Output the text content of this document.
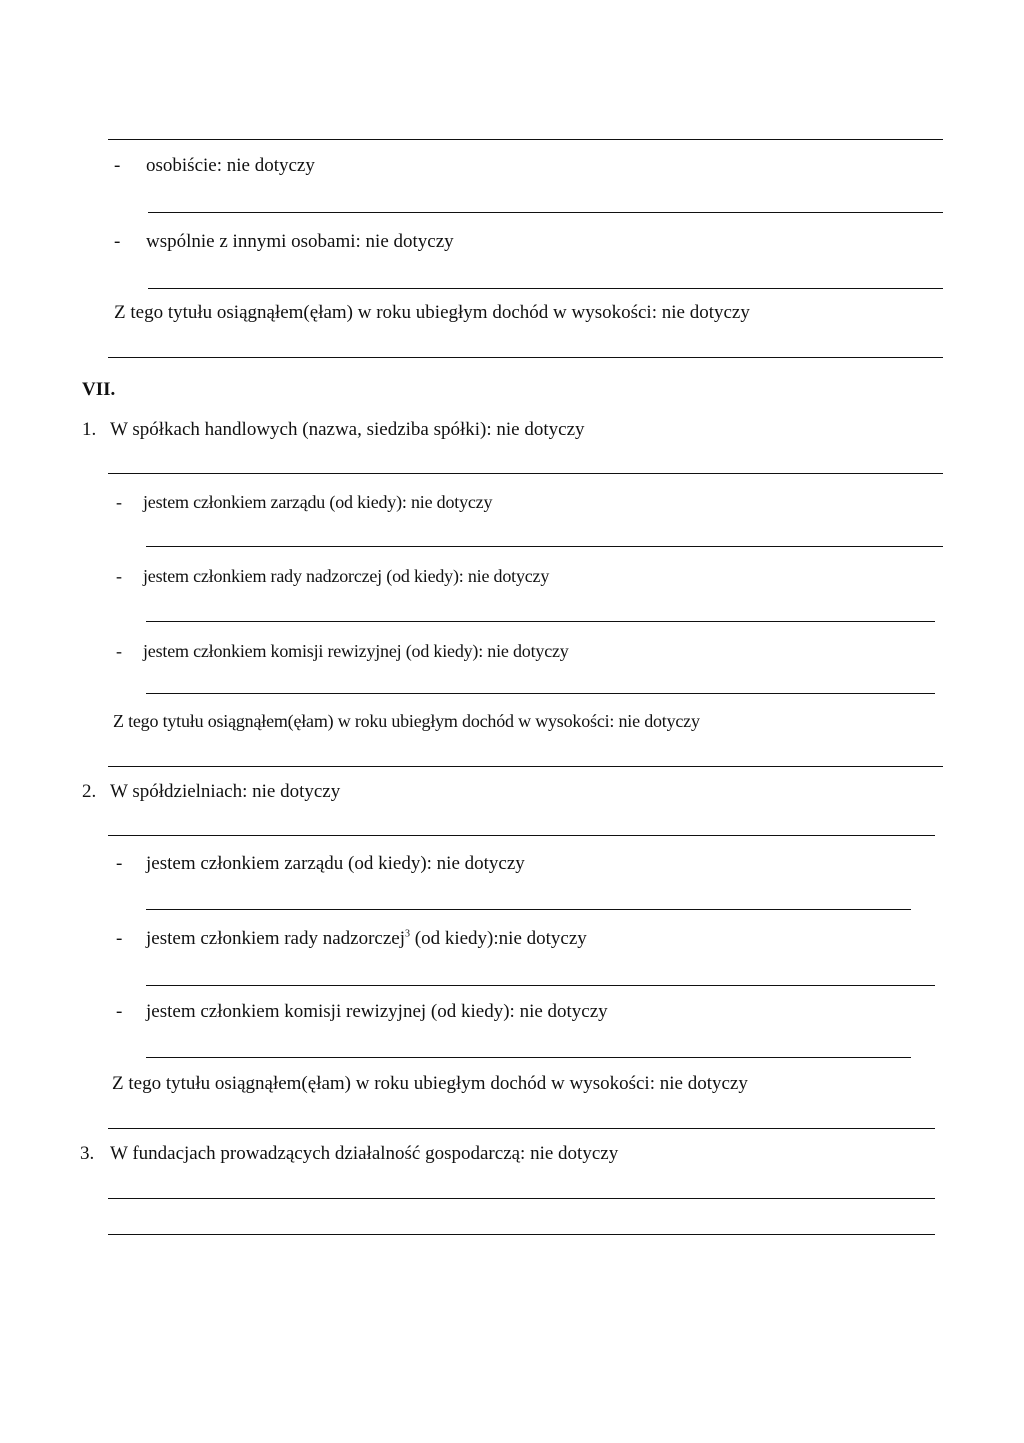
- osobiście: nie dotyczy
- wspólnie z innymi osobami: nie dotyczy
Z tego tytułu osiągnąłem(ęłam) w roku ubiegłym dochód w wysokości: nie dotyczy
VII.
1. W spółkach handlowych (nazwa, siedziba spółki): nie dotyczy
- jestem członkiem zarządu (od kiedy): nie dotyczy
- jestem członkiem rady nadzorczej (od kiedy): nie dotyczy
- jestem członkiem komisji rewizyjnej (od kiedy): nie dotyczy
Z tego tytułu osiągnąłem(ęłam) w roku ubiegłym dochód w wysokości: nie dotyczy
2. W spółdzielniach: nie dotyczy
- jestem członkiem zarządu (od kiedy): nie dotyczy
- jestem członkiem rady nadzorczej$^3$ (od kiedy):nie dotyczy
- jestem członkiem komisji rewizyjnej (od kiedy): nie dotyczy
Z tego tytułu osiągnąłem(ęłam) w roku ubiegłym dochód w wysokości: nie dotyczy
3. W fundacjach prowadzących działalność gospodarczą: nie dotyczy
